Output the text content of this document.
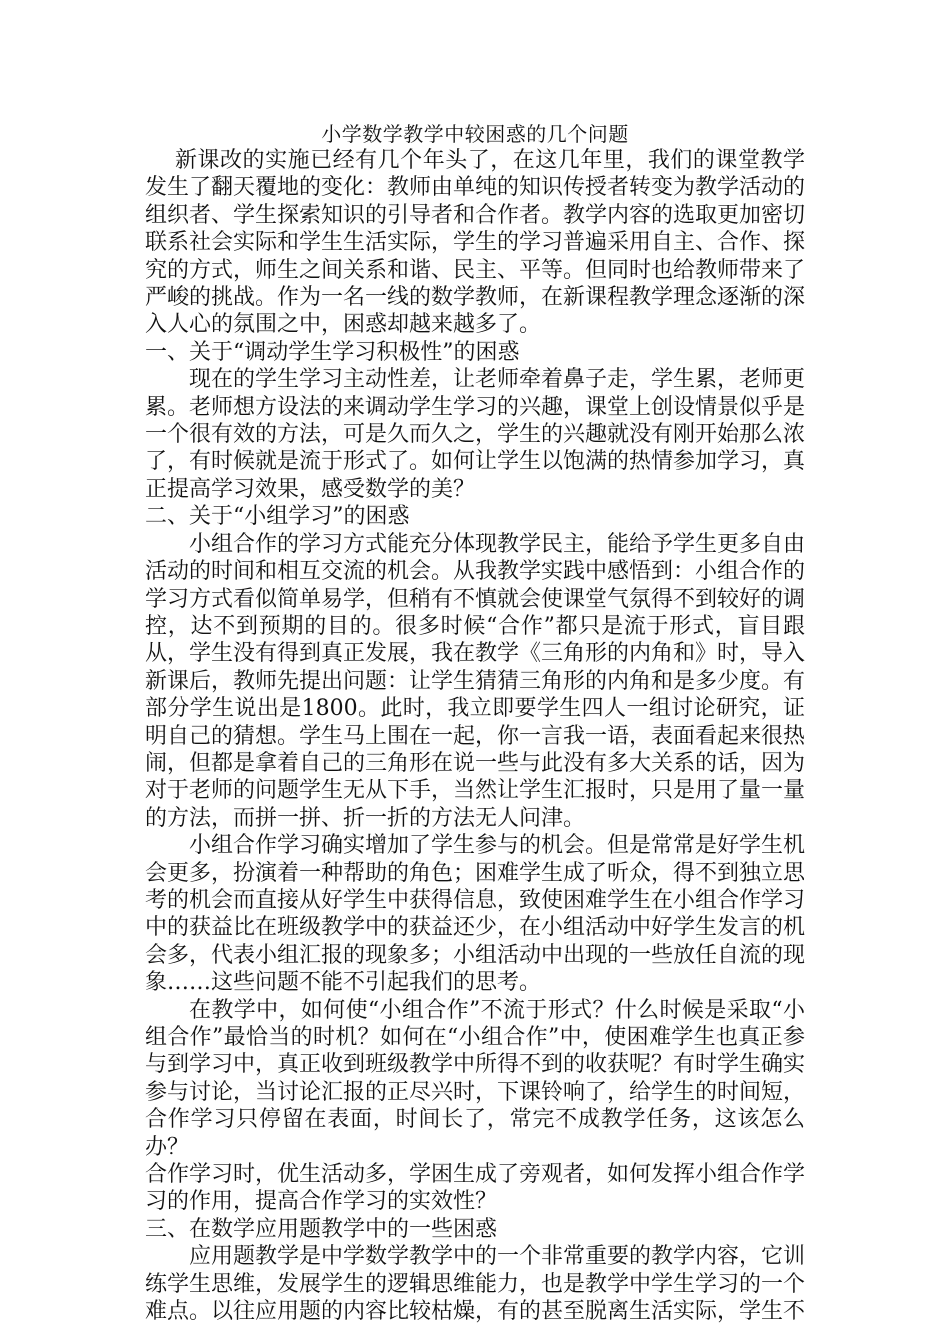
小学数学教学中较困惑的几个问题

新课改的实施已经有几个年头了，在这几年里，我们的课堂教学发生了翻天覆地的变化：教师由单纯的知识传授者转变为教学活动的组织者、学生探索知识的引导者和合作者。教学内容的选取更加密切联系社会实际和学生生活实际，学生的学习普遍采用自主、合作、探究的方式，师生之间关系和谐、民主、平等。但同时也给教师带来了严峻的挑战。作为一名一线的数学教师，在新课程教学理念逐渐的深入人心的氛围之中，困惑却越来越多了。

一、关于“调动学生学习积极性”的困惑

现在的学生学习主动性差，让老师牵着鼻子走，学生累，老师更累。老师想方设法的来调动学生学习的兴趣，课堂上创设情景似乎是一个很有效的方法，可是久而久之，学生的兴趣就没有刚开始那么浓了，有时候就是流于形式了。如何让学生以饱满的热情参加学习，真正提高学习效果，感受数学的美？

二、关于“小组学习”的困惑

小组合作的学习方式能充分体现教学民主，能给予学生更多自由活动的时间和相互交流的机会。从我教学实践中感悟到：小组合作的学习方式看似简单易学，但稍有不慎就会使课堂气氛得不到较好的调控，达不到预期的目的。很多时候“合作”都只是流于形式，盲目跟从，学生没有得到真正发展，我在教学《三角形的内角和》时，导入新课后，教师先提出问题：让学生猜猜三角形的内角和是多少度。有部分学生说出是1800。此时，我立即要学生四人一组讨论研究，证明自己的猜想。学生马上围在一起，你一言我一语，表面看起来很热闹，但都是拿着自己的三角形在说一些与此没有多大关系的话，因为对于老师的问题学生无从下手，当然让学生汇报时，只是用了量一量的方法，而拼一拼、折一折的方法无人问津。

小组合作学习确实增加了学生参与的机会。但是常常是好学生机会更多，扮演着一种帮助的角色；困难学生成了听众，得不到独立思考的机会而直接从好学生中获得信息，致使困难学生在小组合作学习中的获益比在班级教学中的获益还少，在小组活动中好学生发言的机会多，代表小组汇报的现象多；小组活动中出现的一些放任自流的现象……这些问题不能不引起我们的思考。

在教学中，如何使“小组合作”不流于形式？什么时候是采取“小组合作”最恰当的时机？如何在“小组合作”中，使困难学生也真正参与到学习中，真正收到班级教学中所得不到的收获呢？有时学生确实参与讨论，当讨论汇报的正尽兴时，下课铃响了，给学生的时间短，合作学习只停留在表面，时间长了，常完不成教学任务，这该怎么办？

合作学习时，优生活动多，学困生成了旁观者，如何发挥小组合作学习的作用，提高合作学习的实效性？

三、在数学应用题教学中的一些困惑

应用题教学是中学数学教学中的一个非常重要的教学内容，它训练学生思维，发展学生的逻辑思维能力，也是教学中学生学习的一个难点。以往应用题的内容比较枯燥，有的甚至脱离生活实际，学生不
